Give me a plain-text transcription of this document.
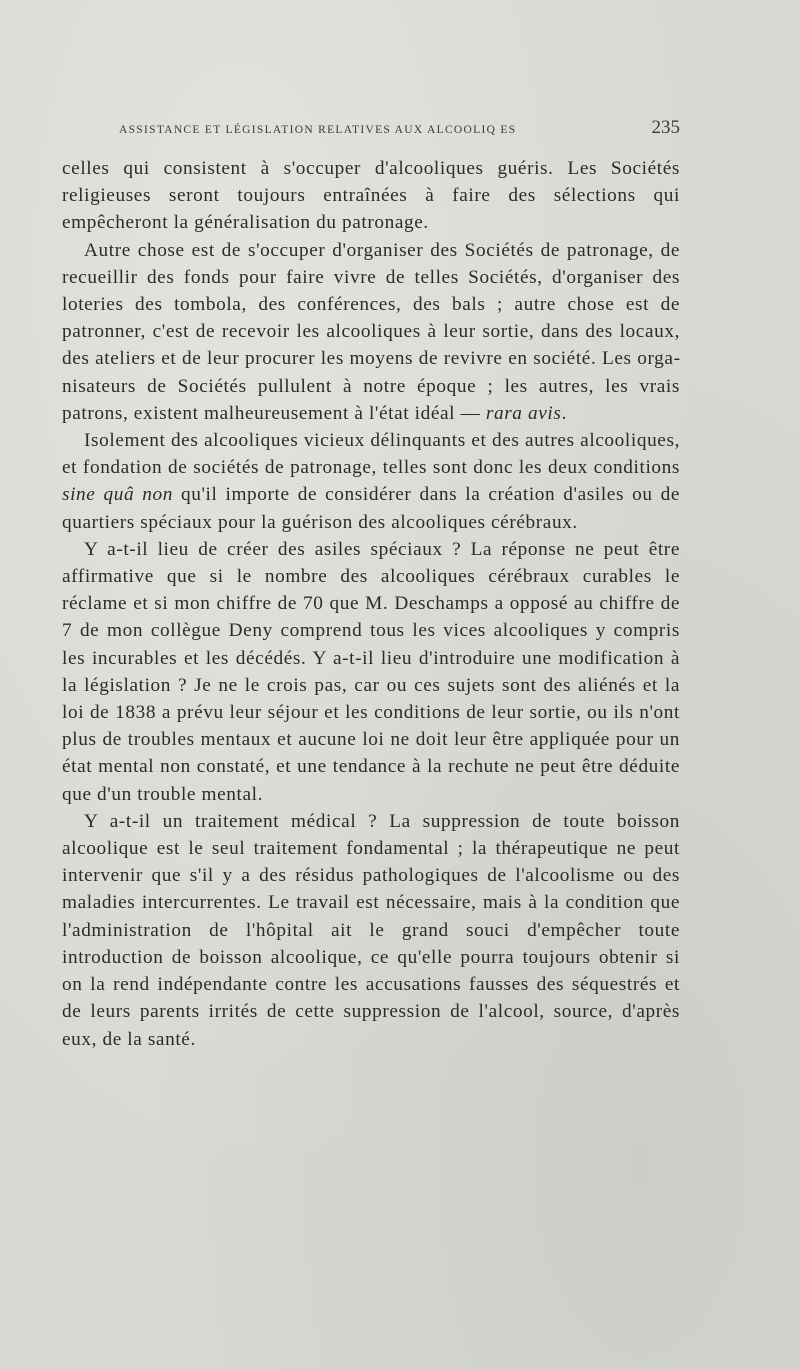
ASSISTANCE ET LÉGISLATION RELATIVES AUX ALCOOLIQ ES	235

celles qui consistent à s'occuper d'alcooliques guéris. Les Sociétés religieuses seront toujours entraînées à faire des sélections qui empêcheront la généralisation du patronage.

Autre chose est de s'occuper d'organiser des Sociétés de patronage, de recueillir des fonds pour faire vivre de telles Sociétés, d'organiser des loteries des tombola, des conférences, des bals ; autre chose est de patronner, c'est de recevoir les alcooliques à leur sortie, dans des locaux, des ateliers et de leur procurer les moyens de revivre en société. Les organisateurs de Sociétés pullulent à notre époque ; les autres, les vrais patrons, existent malheureusement à l'état idéal — rara avis.

Isolement des alcooliques vicieux délinquants et des autres alcooliques, et fondation de sociétés de patronage, telles sont donc les deux conditions sine quâ non qu'il importe de considérer dans la création d'asiles ou de quartiers spéciaux pour la guérison des alcooliques cérébraux.

Y a-t-il lieu de créer des asiles spéciaux ? La réponse ne peut être affirmative que si le nombre des alcooliques cérébraux curables le réclame et si mon chiffre de 70 que M. Deschamps a opposé au chiffre de 7 de mon collègue Deny comprend tous les vices alcooliques y compris les incurables et les décédés. Y a-t-il lieu d'introduire une modification à la législation ? Je ne le crois pas, car ou ces sujets sont des aliénés et la loi de 1838 a prévu leur séjour et les conditions de leur sortie, ou ils n'ont plus de troubles mentaux et aucune loi ne doit leur être appliquée pour un état mental non constaté, et une tendance à la rechute ne peut être déduite que d'un trouble mental.

Y a-t-il un traitement médical ? La suppression de toute boisson alcoolique est le seul traitement fondamental ; la thérapeutique ne peut intervenir que s'il y a des résidus pathologiques de l'alcoolisme ou des maladies intercurrentes. Le travail est nécessaire, mais à la condition que l'administration de l'hôpital ait le grand souci d'empêcher toute introduction de boisson alcoolique, ce qu'elle pourra toujours obtenir si on la rend indépendante contre les accusations fausses des séquestrés et de leurs parents irrités de cette suppression de l'alcool, source, d'après eux, de la santé.
